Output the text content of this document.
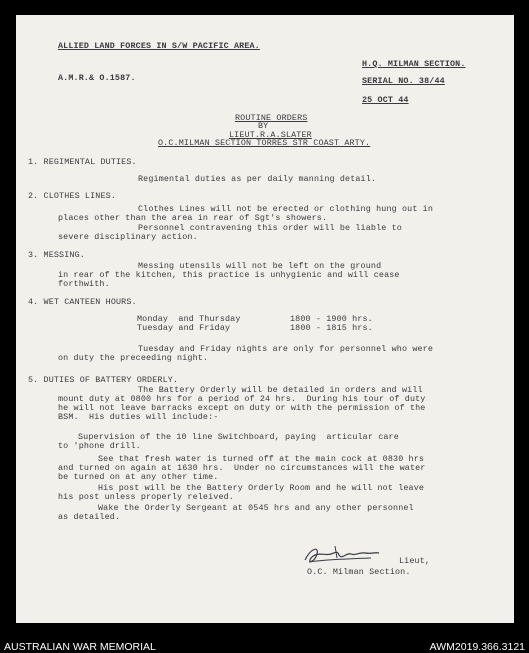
ALLIED LAND FORCES IN S/W PACIFIC AREA.
H.Q. MILMAN SECTION.
A.M.R.& O.1587.	SERIAL NO. 38/44
25 OCT 44
ROUTINE ORDERS
BY
LIEUT.R.A.SLATER
O.C.MILMAN SECTION TORRES STR COAST ARTY.
1. REGIMENTAL DUTIES.
Regimental duties as per daily manning detail.
2. CLOTHES LINES.
Clothes Lines will not be erected or clothing hung out in
places other than the area in rear of Sgt's showers.
Personnel contravening this order will be liable to
severe disciplinary action.
3. MESSING.
Messing utensils will not be left on the ground
in rear of the kitchen, this practice is unhygienic and will cease
forthwith.
4. WET CANTEEN HOURS.
Monday  and Thursday	1800 - 1900 hrs.
Tuesday and Friday	1800 - 1815 hrs.
Tuesday and Friday nights are only for personnel who were
on duty the preceeding night.
5. DUTIES OF BATTERY ORDERLY.
The Battery Orderly will be detailed in orders and will
mount duty at 0800 hrs for a period of 24 hrs.  During his tour of duty
he will not leave barracks except on duty or with the permission of the
BSM.  His duties will include:-
Supervision of the 10 line Switchboard, paying  articular care
to 'phone drill.
See that fresh water is turned off at the main cock at 0830 hrs
and turned on again at 1630 hrs.  Under no circumstances will the water
be turned on at any other time.
His post will be the Battery Orderly Room and he will not leave
his post unless properly releived.
Wake the Orderly Sergeant at 0545 hrs and any other personnel
as detailed.
Lieut,
O.C. Milman Section.
AUSTRALIAN WAR MEMORIAL	AWM2019.366.3121
